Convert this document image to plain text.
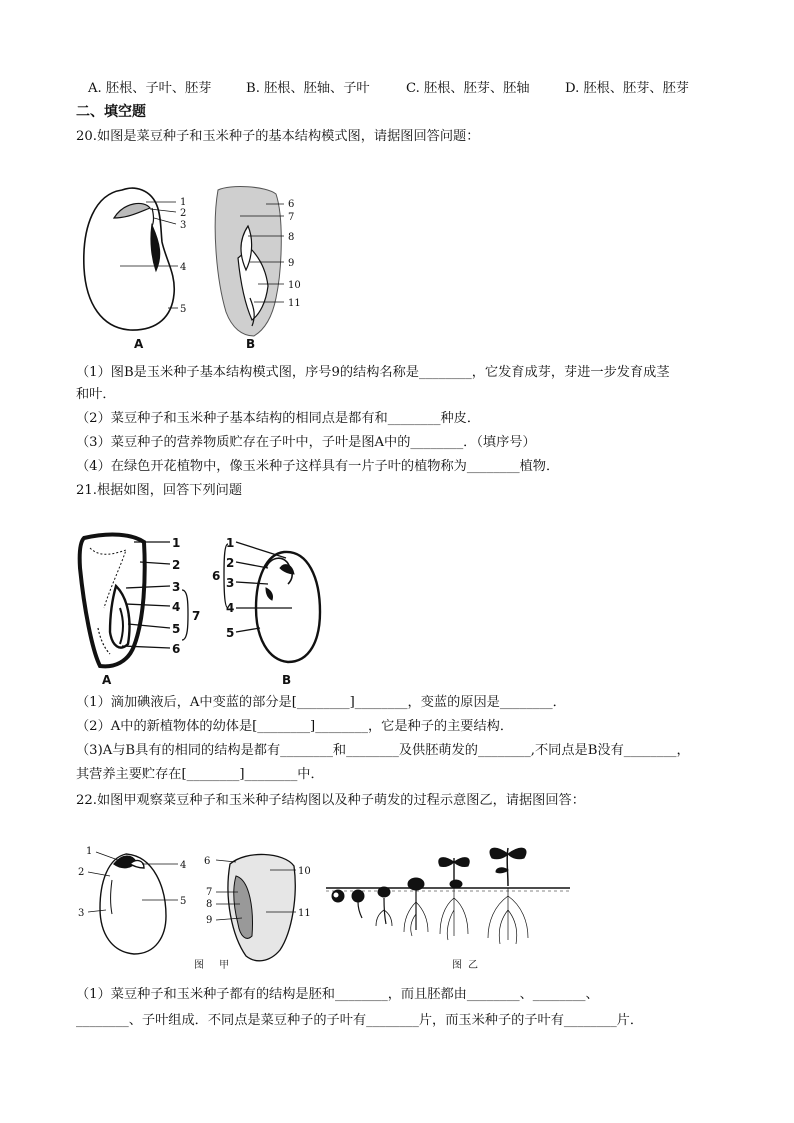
A. 胚根、子叶、胚芽	B. 胚根、胚轴、子叶	C. 胚根、胚芽、胚轴	D. 胚根、胚芽、胚芽
二、填空题
20.如图是菜豆种子和玉米种子的基本结构模式图，请据图回答问题：
1
2
3
4
5
A
6
7
8
9
10
11
B
（1）图B是玉米种子基本结构模式图，序号9的结构名称是________，它发育成芽，芽进一步发育成茎
和叶．
（2）菜豆种子和玉米种子基本结构的相同点是都有和________种皮．
（3）菜豆种子的营养物质贮存在子叶中，子叶是图A中的________．（填序号）
（4）在绿色开花植物中，像玉米种子这样具有一片子叶的植物称为________植物．
21.根据如图，回答下列问题
1
2
3
4
5
6
7
A
1
2
3
4
5
6
B
（1）滴加碘液后，A中变蓝的部分是[________]________，变蓝的原因是________．
（2）A中的新植物体的幼体是[________]________，它是种子的主要结构．
（3)A与B具有的相同的结构是都有________和________及供胚萌发的________,不同点是B没有________，
其营养主要贮存在[________]________中．
22.如图甲观察菜豆种子和玉米种子结构图以及种子萌发的过程示意图乙，请据图回答：
1
2
3
4
5
6
7
8
9
10
11
图 甲	图乙
（1）菜豆种子和玉米种子都有的结构是胚和________，而且胚都由________、________、
________、子叶组成．不同点是菜豆种子的子叶有________片，而玉米种子的子叶有________片．
